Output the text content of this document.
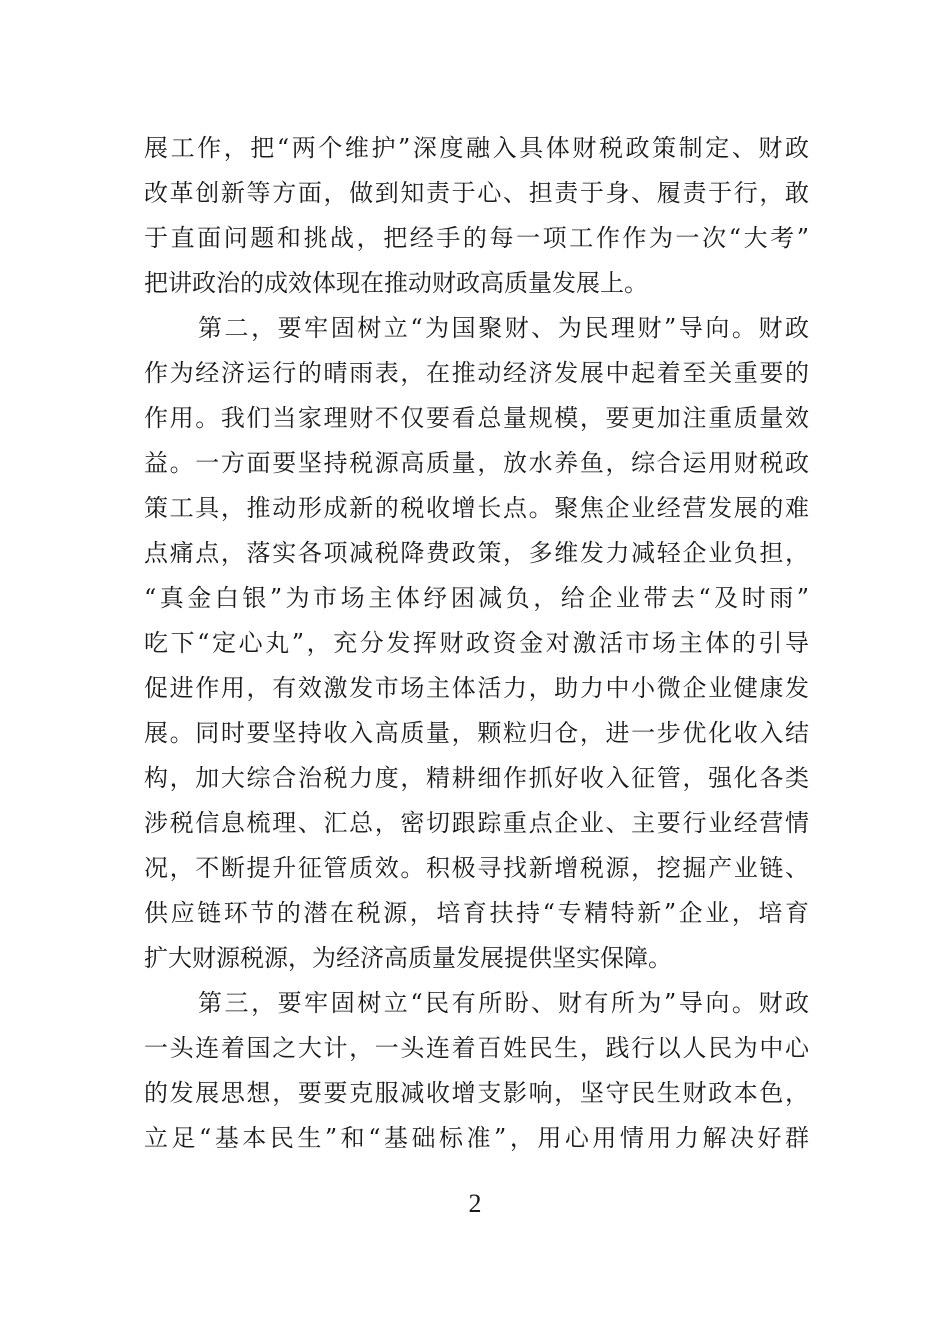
展工作，把“两个维护”深度融入具体财税政策制定、财政
改革创新等方面，做到知责于心、担责于身、履责于行，敢
于直面问题和挑战，把经手的每一项工作作为一次“大考”
把讲政治的成效体现在推动财政高质量发展上。
第二，要牢固树立“为国聚财、为民理财”导向。财政
作为经济运行的晴雨表，在推动经济发展中起着至关重要的
作用。我们当家理财不仅要看总量规模，要更加注重质量效
益。一方面要坚持税源高质量，放水养鱼，综合运用财税政
策工具，推动形成新的税收增长点。聚焦企业经营发展的难
点痛点，落实各项减税降费政策，多维发力减轻企业负担，
“真金白银”为市场主体纾困减负，给企业带去“及时雨”
吃下“定心丸”，充分发挥财政资金对激活市场主体的引导
促进作用，有效激发市场主体活力，助力中小微企业健康发
展。同时要坚持收入高质量，颗粒归仓，进一步优化收入结
构，加大综合治税力度，精耕细作抓好收入征管，强化各类
涉税信息梳理、汇总，密切跟踪重点企业、主要行业经营情
况，不断提升征管质效。积极寻找新增税源，挖掘产业链、
供应链环节的潜在税源，培育扶持“专精特新”企业，培育
扩大财源税源，为经济高质量发展提供坚实保障。
第三，要牢固树立“民有所盼、财有所为”导向。财政
一头连着国之大计，一头连着百姓民生，践行以人民为中心
的发展思想，要要克服减收增支影响，坚守民生财政本色，
立足“基本民生”和“基础标准”，用心用情用力解决好群
2
